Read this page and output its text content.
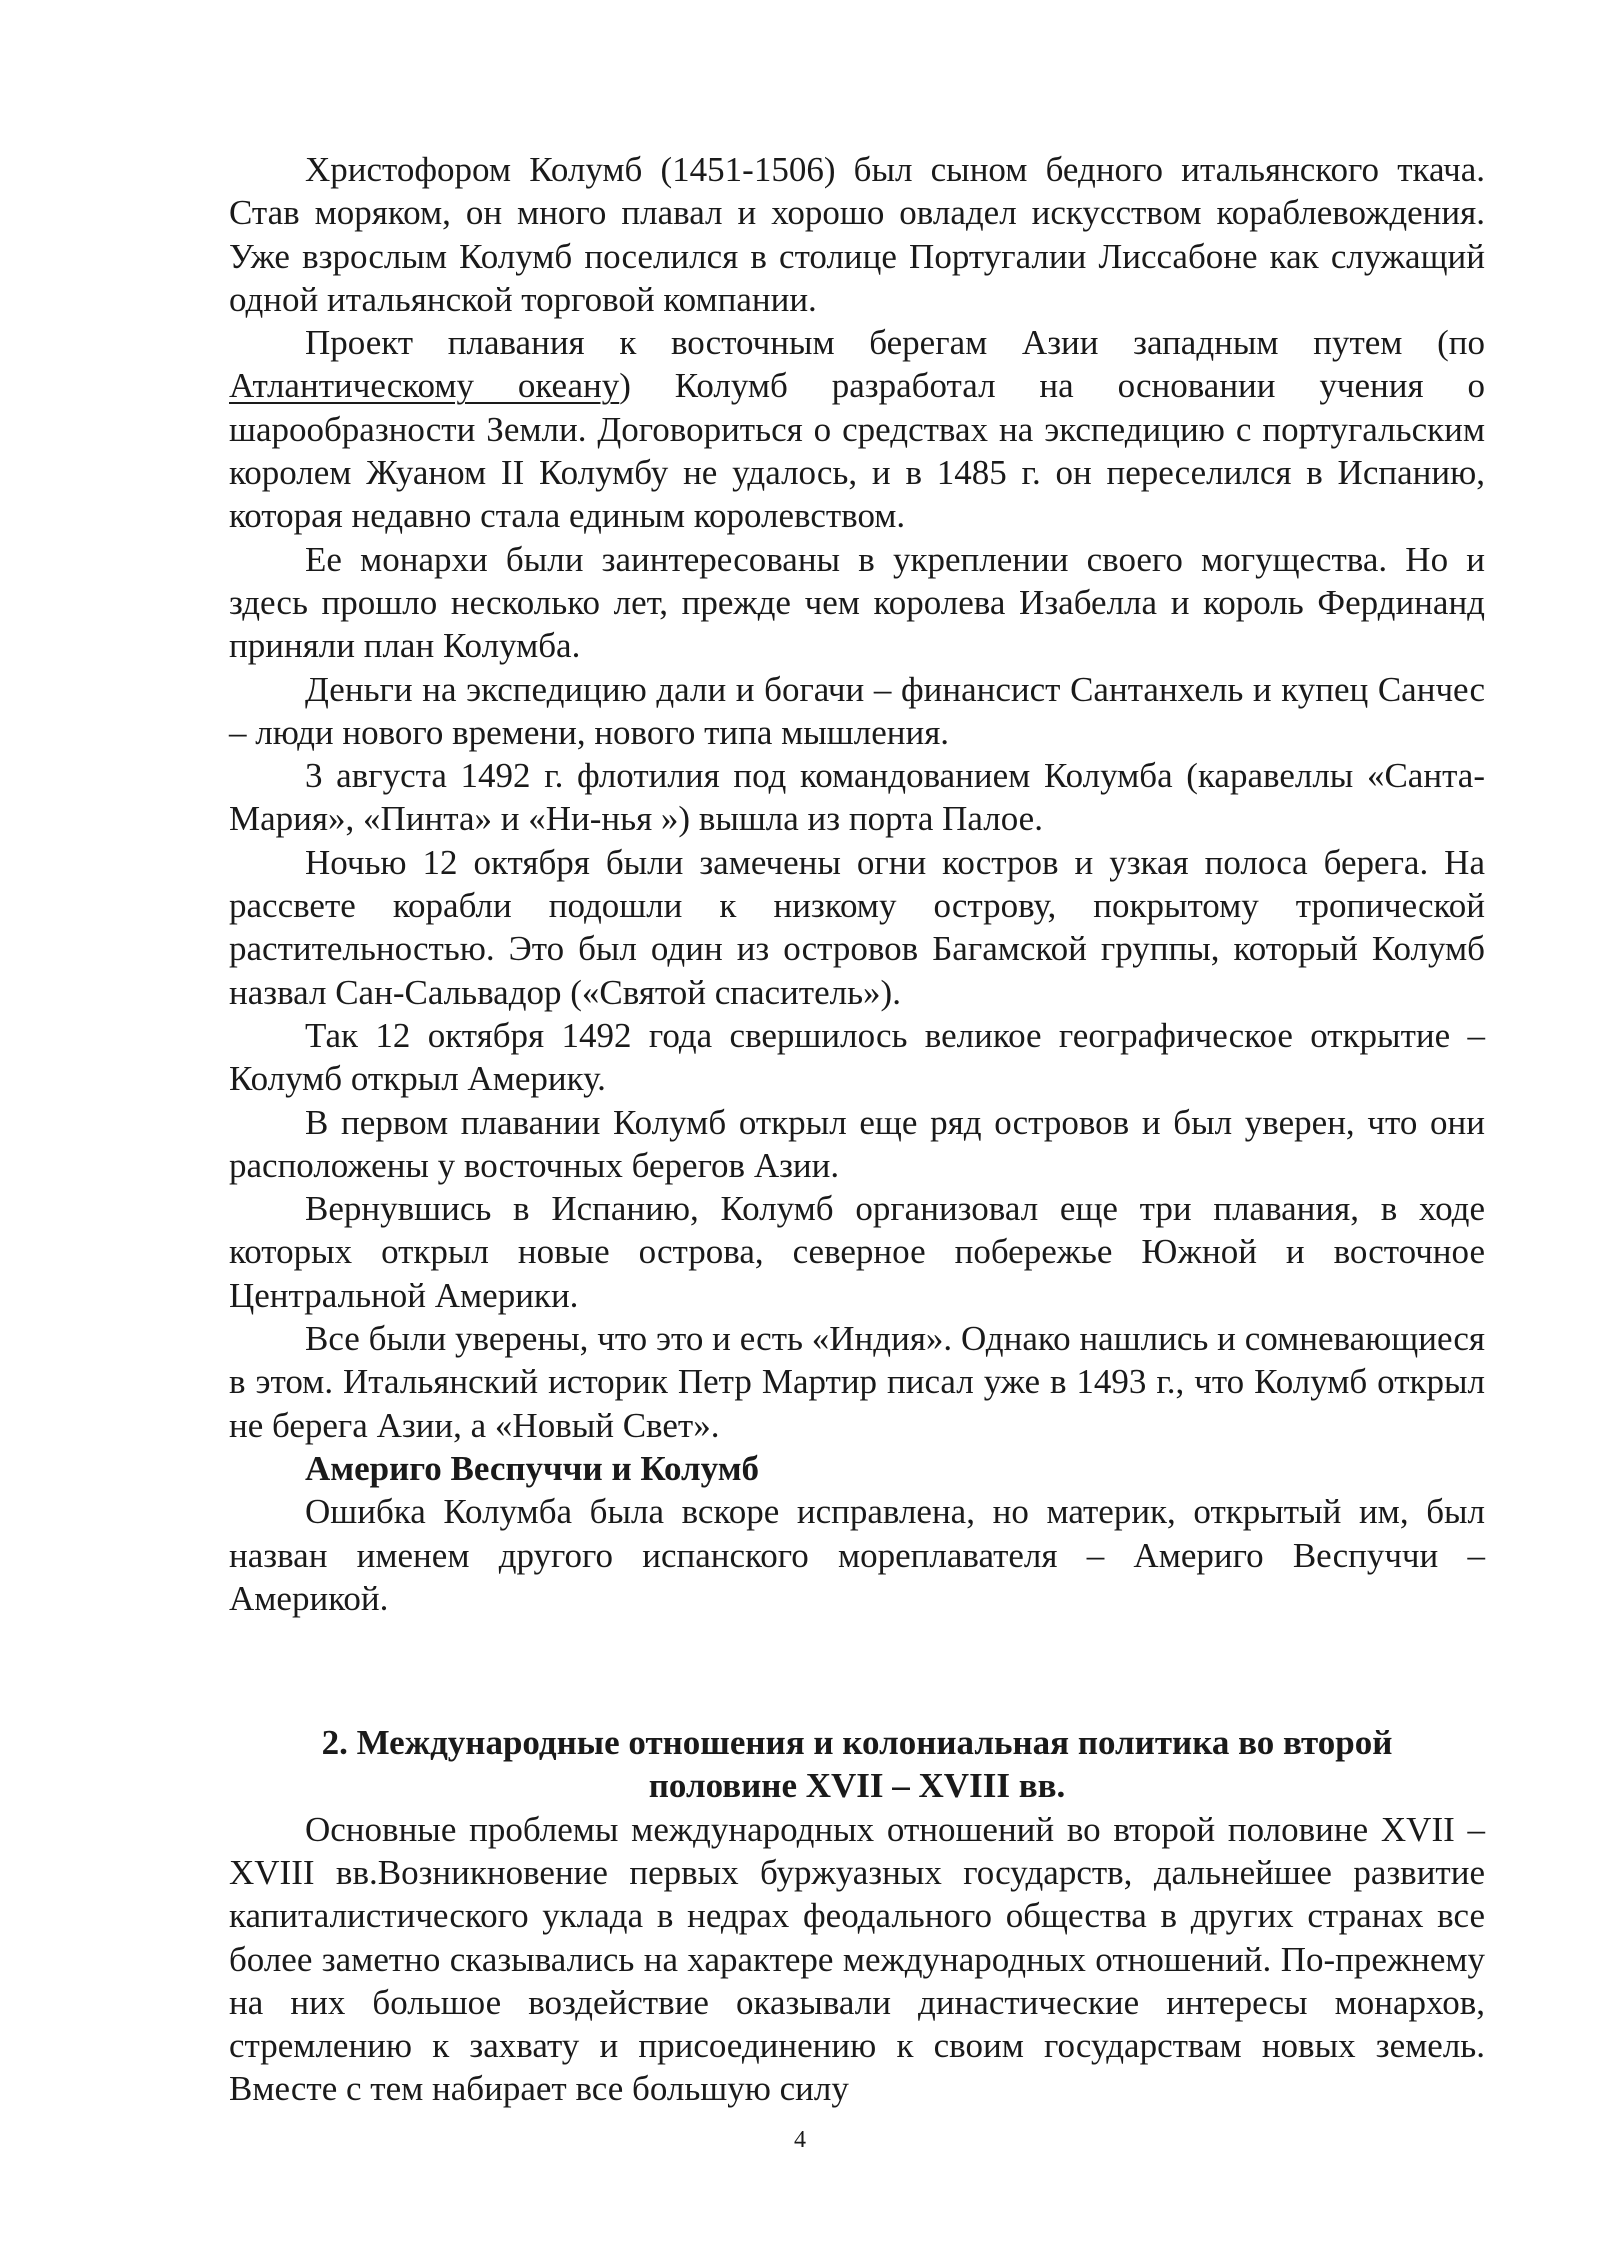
Христофором Колумб (1451-1506) был сыном бедного итальянского ткача. Став моряком, он много плавал и хорошо овладел искусством кораблевождения. Уже взрослым Колумб поселился в столице Португалии Лиссабоне как служащий одной итальянской торговой компании.

Проект плавания к восточным берегам Азии западным путем (по Атлантическому океану) Колумб разработал на основании учения о шарообразности Земли. Договориться о средствах на экспедицию с португальским королем Жуаном II Колумбу не удалось, и в 1485 г. он переселился в Испанию, которая недавно стала единым королевством.

Ее монархи были заинтересованы в укреплении своего могущества. Но и здесь прошло несколько лет, прежде чем королева Изабелла и король Фердинанд приняли план Колумба.

Деньги на экспедицию дали и богачи – финансист Сантанхель и купец Санчес – люди нового времени, нового типа мышления.

3 августа 1492 г. флотилия под командованием Колумба (каравеллы «Санта-Мария», «Пинта» и «Ни-нья ») вышла из порта Палое.

Ночью 12 октября были замечены огни костров и узкая полоса берега. На рассвете корабли подошли к низкому острову, покрытому тропической растительностью. Это был один из островов Багамской группы, который Колумб назвал Сан-Сальвадор («Святой спаситель»).

Так 12 октября 1492 года свершилось великое географическое открытие – Колумб открыл Америку.

В первом плавании Колумб открыл еще ряд островов и был уверен, что они расположены у восточных берегов Азии.

Вернувшись в Испанию, Колумб организовал еще три плавания, в ходе которых открыл новые острова, северное побережье Южной и восточное Центральной Америки.

Все были уверены, что это и есть «Индия». Однако нашлись и сомневающиеся в этом. Итальянский историк Петр Мартир писал уже в 1493 г., что Колумб открыл не берега Азии, а «Новый Свет».

Америго Веспуччи и Колумб

Ошибка Колумба была вскоре исправлена, но материк, открытый им, был назван именем другого испанского мореплавателя – Америго Веспуччи – Америкой.

2. Международные отношения и колониальная политика во второй
половине XVII – XVIII вв.

Основные проблемы международных отношений во второй половине XVII – XVIII вв.Возникновение первых буржуазных государств, дальнейшее развитие капиталистического уклада в недрах феодального общества в других странах все более заметно сказывались на характере международных отношений. По-прежнему на них большое воздействие оказывали династические интересы монархов, стремлению к захвату и присоединению к своим государствам новых земель. Вместе с тем набирает все большую силу

4
